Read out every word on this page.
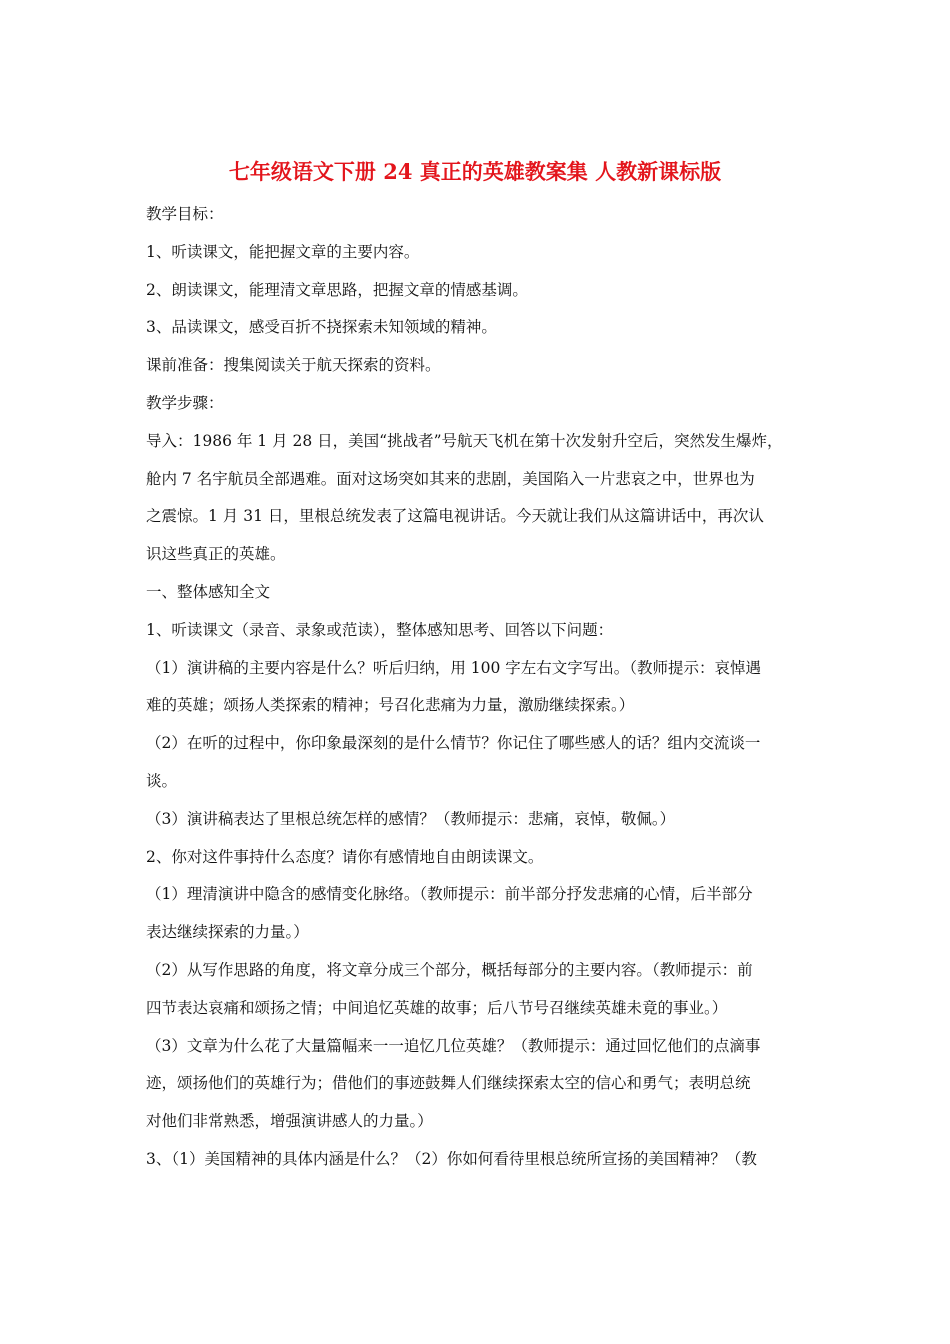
七年级语文下册 24 真正的英雄教案集 人教新课标版
教学目标：
1、听读课文，能把握文章的主要内容。
2、朗读课文，能理清文章思路，把握文章的情感基调。
3、品读课文，感受百折不挠探索未知领域的精神。
课前准备：搜集阅读关于航天探索的资料。
教学步骤：
导入：1986 年 1 月 28 日，美国“挑战者”号航天飞机在第十次发射升空后，突然发生爆炸，
舱内 7 名宇航员全部遇难。面对这场突如其来的悲剧，美国陷入一片悲哀之中，世界也为
之震惊。1 月 31 日，里根总统发表了这篇电视讲话。今天就让我们从这篇讲话中，再次认
识这些真正的英雄。
一、整体感知全文
1、听读课文（录音、录象或范读），整体感知思考、回答以下问题：
（1）演讲稿的主要内容是什么？听后归纳，用 100 字左右文字写出。（教师提示：哀悼遇
难的英雄；颂扬人类探索的精神；号召化悲痛为力量，激励继续探索。）
（2）在听的过程中，你印象最深刻的是什么情节？你记住了哪些感人的话？组内交流谈一
谈。
（3）演讲稿表达了里根总统怎样的感情？（教师提示：悲痛，哀悼，敬佩。）
2、你对这件事持什么态度？请你有感情地自由朗读课文。
（1）理清演讲中隐含的感情变化脉络。（教师提示：前半部分抒发悲痛的心情，后半部分
表达继续探索的力量。）
（2）从写作思路的角度，将文章分成三个部分，概括每部分的主要内容。（教师提示：前
四节表达哀痛和颂扬之情；中间追忆英雄的故事；后八节号召继续英雄未竟的事业。）
（3）文章为什么花了大量篇幅来一一追忆几位英雄？（教师提示：通过回忆他们的点滴事
迹，颂扬他们的英雄行为；借他们的事迹鼓舞人们继续探索太空的信心和勇气；表明总统
对他们非常熟悉，增强演讲感人的力量。）
3、（1）美国精神的具体内涵是什么？（2）你如何看待里根总统所宣扬的美国精神？（教
